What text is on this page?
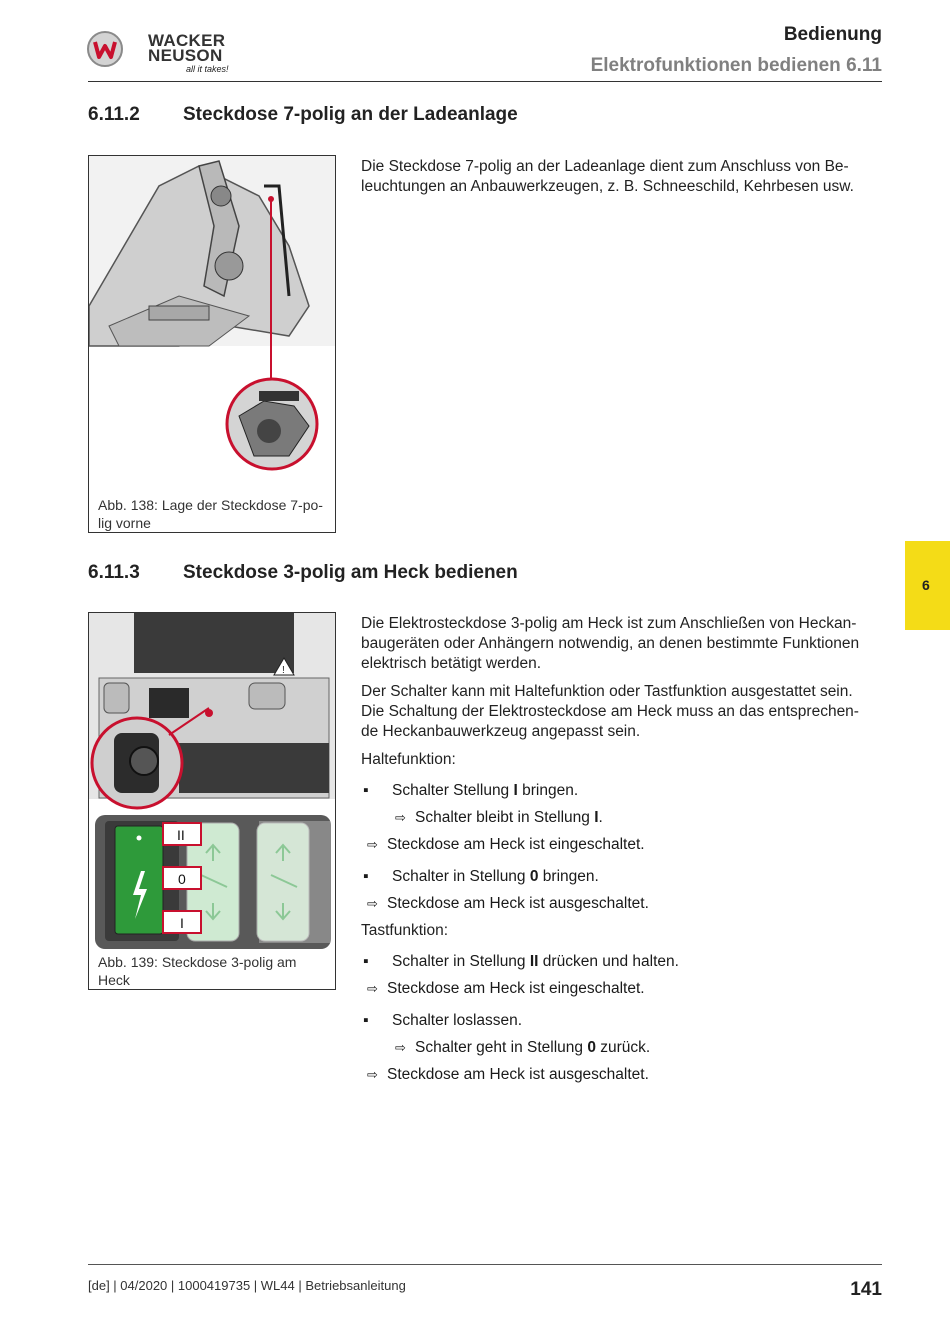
WACKER
NEUSON
all it takes!
Bedienung
Elektrofunktionen bedienen 6.11
6
6.11.2 Steckdose 7-polig an der Ladeanlage
Abb. 138: Lage der Steckdose 7-po-
lig vorne
Die Steckdose 7-polig an der Ladeanlage dient zum Anschluss von Be-
leuchtungen an Anbauwerkzeugen, z. B. Schneeschild, Kehrbesen usw.
6.11.3 Steckdose 3-polig am Heck bedienen
!
II
0
I
Abb. 139: Steckdose 3-polig am
Heck
Die Elektrosteckdose 3-polig am Heck ist zum Anschließen von Heckan-
baugeräten oder Anhängern notwendig, an denen bestimmte Funktionen
elektrisch betätigt werden.
Der Schalter kann mit Haltefunktion oder Tastfunktion ausgestattet sein.
Die Schaltung der Elektrosteckdose am Heck muss an das entsprechen-
de Heckanbauwerkzeug angepasst sein.
Haltefunktion:
▪ Schalter Stellung I bringen.
⇨ Schalter bleibt in Stellung I.
⇨ Steckdose am Heck ist eingeschaltet.
▪ Schalter in Stellung 0 bringen.
⇨ Steckdose am Heck ist ausgeschaltet.
Tastfunktion:
▪ Schalter in Stellung II drücken und halten.
⇨ Steckdose am Heck ist eingeschaltet.
▪ Schalter loslassen.
⇨ Schalter geht in Stellung 0 zurück.
⇨ Steckdose am Heck ist ausgeschaltet.
[de] | 04/2020 | 1000419735 | WL44 | Betriebsanleitung	141
